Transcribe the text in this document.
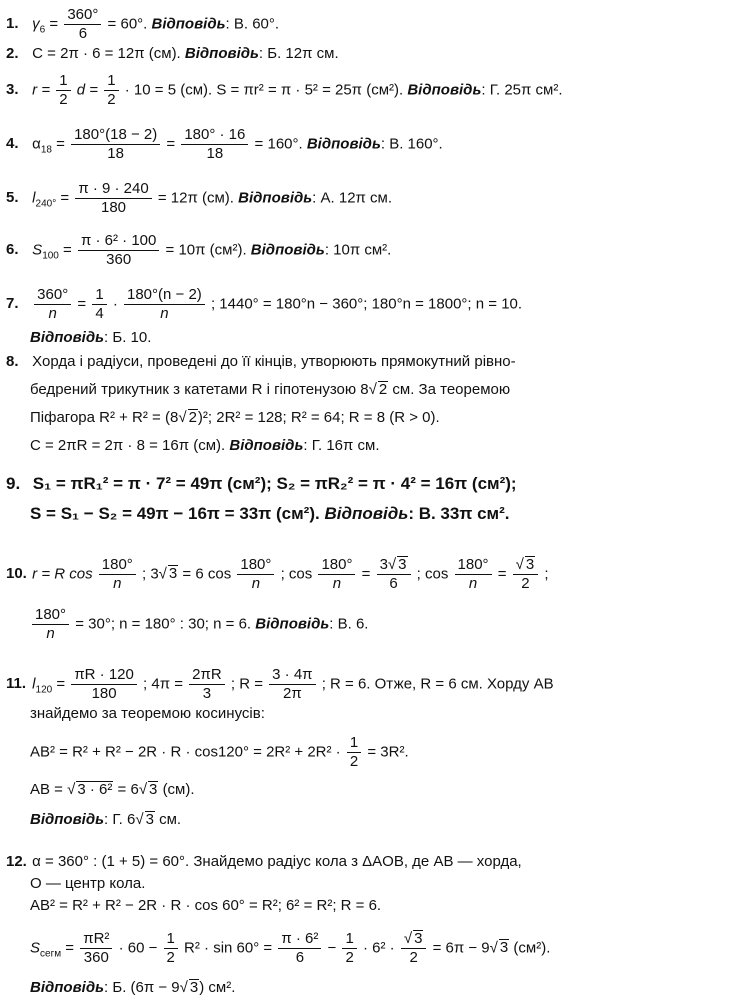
1. $\gamma_6 = \frac{360^\circ}{6} = 60^\circ$. Відповідь: В. 60°.
2. C = 2π · 6 = 12π (см). Відповідь: Б. 12π см.
3. $r = \frac{1}{2}$ $d = \frac{1}{2} \cdot 10 = 5$ (см). S = πr² = π · 5² = 25π (см²). Відповідь: Г. 25π см².
4. $\alpha_{18} = \frac{180^\circ(18 - 2)}{18} = \frac{180^\circ \cdot 16}{18} = 160^\circ$. Відповідь: В. 160°.
5. $l_{240^\circ} = \frac{\pi \cdot 9 \cdot 240}{180} = 12\pi$ (см). Відповідь: А. 12π см.
6. $S_{100} = \frac{\text{π · 6² · 100}}{360} = 10\pi$ (см²). Відповідь: 10π см².
7. $\frac{360^\circ}{n} = \frac{1}{4} \cdot \frac{180^\circ(n - 2)}{n}$ ; 1440° = 180°n − 360°; 180°n = 1800°; n = 10.
Відповідь: Б. 10.
8. Хорда і радіуси, проведені до її кінців, утворюють прямокутний рівно-
бедрений трикутник з катетами R і гіпотенузою 8√ 2 см. За теоремою
Піфагора R² + R² = (8√ 2)²; 2R² = 128; R² = 64; R = 8 (R > 0).
C = 2πR = 2π · 8 = 16π (см). Відповідь: Г. 16π см.
9. S₁ = πR₁² = π · 7² = 49π (см²); S₂ = πR₂² = π · 4² = 16π (см²);
S = S₁ − S₂ = 49π − 16π = 33π (см²). Відповідь: В. 33π см².
10. r = R $\cos \frac{180^\circ}{n}$ ; 3√ 3 = 6 $\cos \frac{180^\circ}{n}$ ; $\cos \frac{180^\circ}{n} = \frac{3√ 3}{6}$ ; $\cos \frac{180^\circ}{n} = \frac{√ 3}{2}$ ;
$\frac{180^\circ}{n} = 30^\circ$; n = 180° : 30; n = 6. Відповідь: В. 6.
11. $l_{120} = \frac{\pi R \cdot 120}{180}$ ; $4\pi = \frac{2\pi R}{3}$ ; $R = \frac{3 \cdot 4\pi}{2\pi}$ ; R = 6. Отже, R = 6 см. Хорду AB
знайдемо за теоремою косинусів:
$AB^2 = R^2 + R^2 - 2R \cdot R \cdot \cos 120^\circ = 2R^2 + 2R^2 \cdot \frac{1}{2} = 3R^2$.
AB = √ 3 · 6² = 6√ 3 (см).
Відповідь: Г. 6√ 3 см.
12. α = 360° : (1 + 5) = 60°. Знайдемо радіус кола з ΔAOB, де AB — хорда,
O — центр кола.
AB² = R² + R² − 2R · R · cos 60° = R²; 6² = R²; R = 6.
$S_{сегм} = \frac{\text{πR²}}{360} \cdot 60 - \frac{1}{2} R^2 \cdot \sin 60^\circ = \frac{\text{π · 6²}}{6} - \frac{1}{2} \cdot 6^2 \cdot \frac{√ 3}{2} = 6\pi - 9√$ 3 (см²).
Відповідь: Б. (6π − 9√ 3) см².
